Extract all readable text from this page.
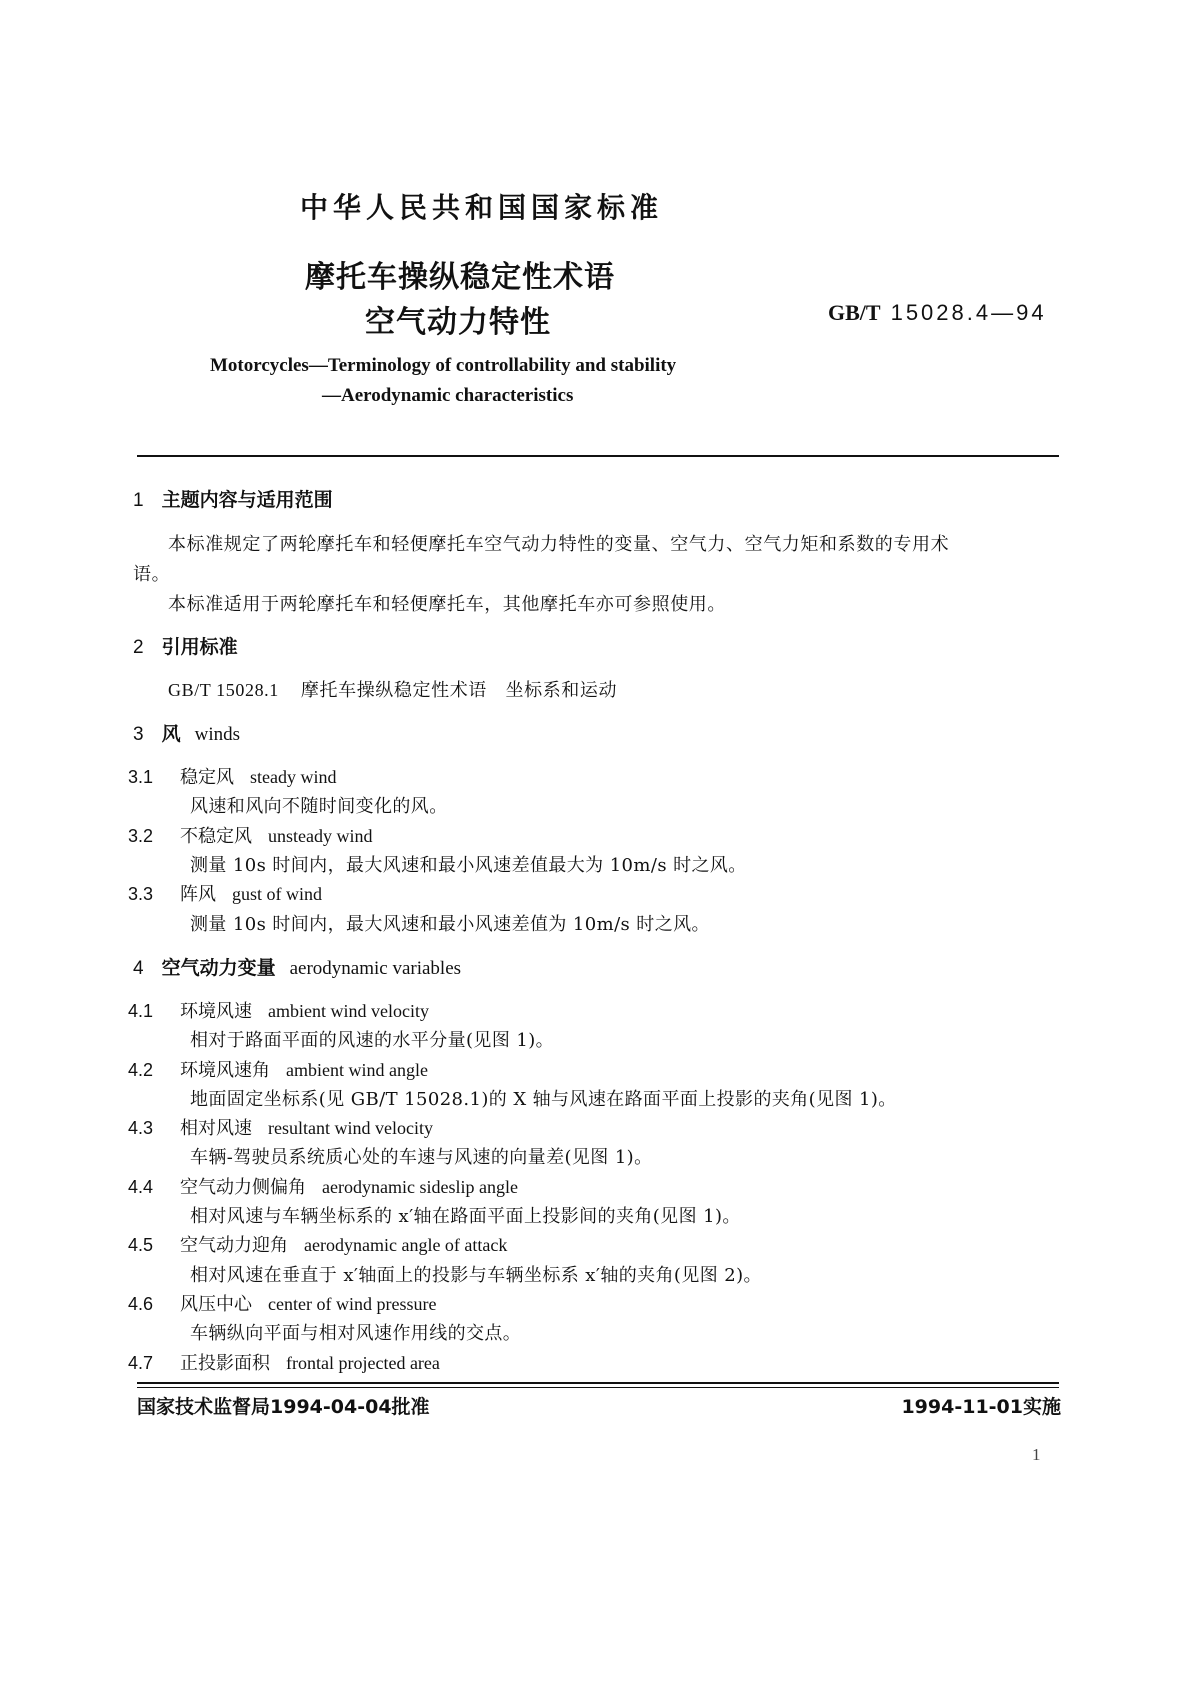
中华人民共和国国家标准
摩托车操纵稳定性术语
空气动力特性	GB/T 15028.4—94
Motorcycles—Terminology of controllability and stability
—Aerodynamic characteristics
1 主题内容与适用范围
本标准规定了两轮摩托车和轻便摩托车空气动力特性的变量、空气力、空气力矩和系数的专用术
语。
本标准适用于两轮摩托车和轻便摩托车，其他摩托车亦可参照使用。
2 引用标准
GB/T 15028.1 摩托车操纵稳定性术语　坐标系和运动
3 风 winds
3.1 稳定风 steady wind
风速和风向不随时间变化的风。
3.2 不稳定风 unsteady wind
测量 10s 时间内，最大风速和最小风速差值最大为 10m/s 时之风。
3.3 阵风 gust of wind
测量 10s 时间内，最大风速和最小风速差值为 10m/s 时之风。
4 空气动力变量 aerodynamic variables
4.1 环境风速 ambient wind velocity
相对于路面平面的风速的水平分量(见图 1)。
4.2 环境风速角 ambient wind angle
地面固定坐标系(见 GB/T 15028.1)的 X 轴与风速在路面平面上投影的夹角(见图 1)。
4.3 相对风速 resultant wind velocity
车辆-驾驶员系统质心处的车速与风速的向量差(见图 1)。
4.4 空气动力侧偏角 aerodynamic sideslip angle
相对风速与车辆坐标系的 x′轴在路面平面上投影间的夹角(见图 1)。
4.5 空气动力迎角 aerodynamic angle of attack
相对风速在垂直于 x′轴面上的投影与车辆坐标系 x′轴的夹角(见图 2)。
4.6 风压中心 center of wind pressure
车辆纵向平面与相对风速作用线的交点。
4.7 正投影面积 frontal projected area
国家技术监督局1994-04-04批准	1994-11-01实施
1
